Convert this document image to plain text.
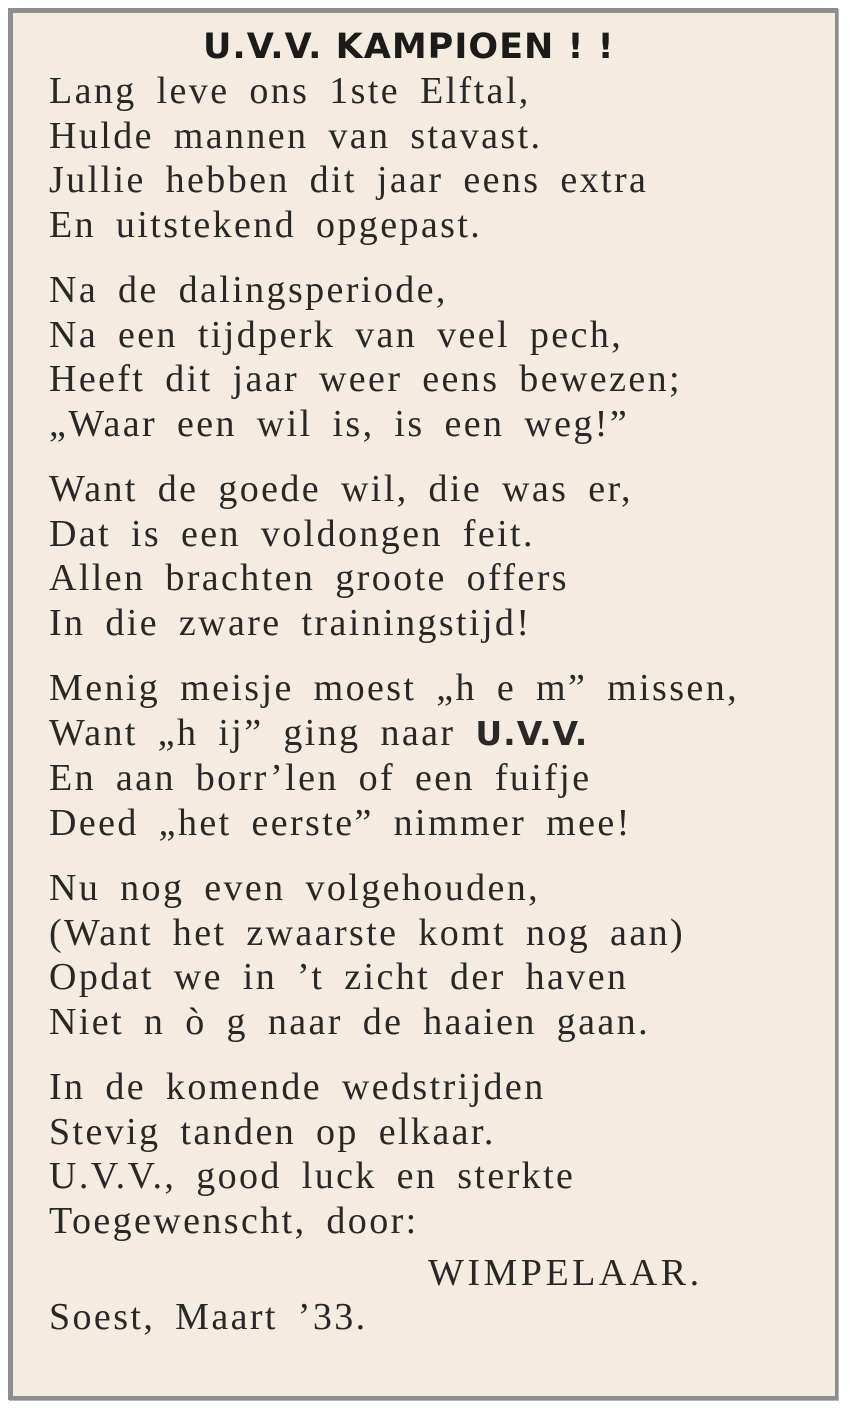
U.V.V. KAMPIOEN ! !
Lang leve ons 1ste Elftal,
Hulde mannen van stavast.
Jullie hebben dit jaar eens extra
En uitstekend opgepast.
Na de dalingsperiode,
Na een tijdperk van veel pech,
Heeft dit jaar weer eens bewezen;
„Waar een wil is, is een weg!”
Want de goede wil, die was er,
Dat is een voldongen feit.
Allen brachten groote offers
In die zware trainingstijd!
Menig meisje moest „h e m” missen,
Want „h ij” ging naar U.V.V.
En aan borr’len of een fuifje
Deed „het eerste” nimmer mee!
Nu nog even volgehouden,
(Want het zwaarste komt nog aan)
Opdat we in ’t zicht der haven
Niet n ò g naar de haaien gaan.
In de komende wedstrijden
Stevig tanden op elkaar.
U.V.V., good luck en sterkte
Toegewenscht, door:
WIMPELAAR.
Soest, Maart ’33.
